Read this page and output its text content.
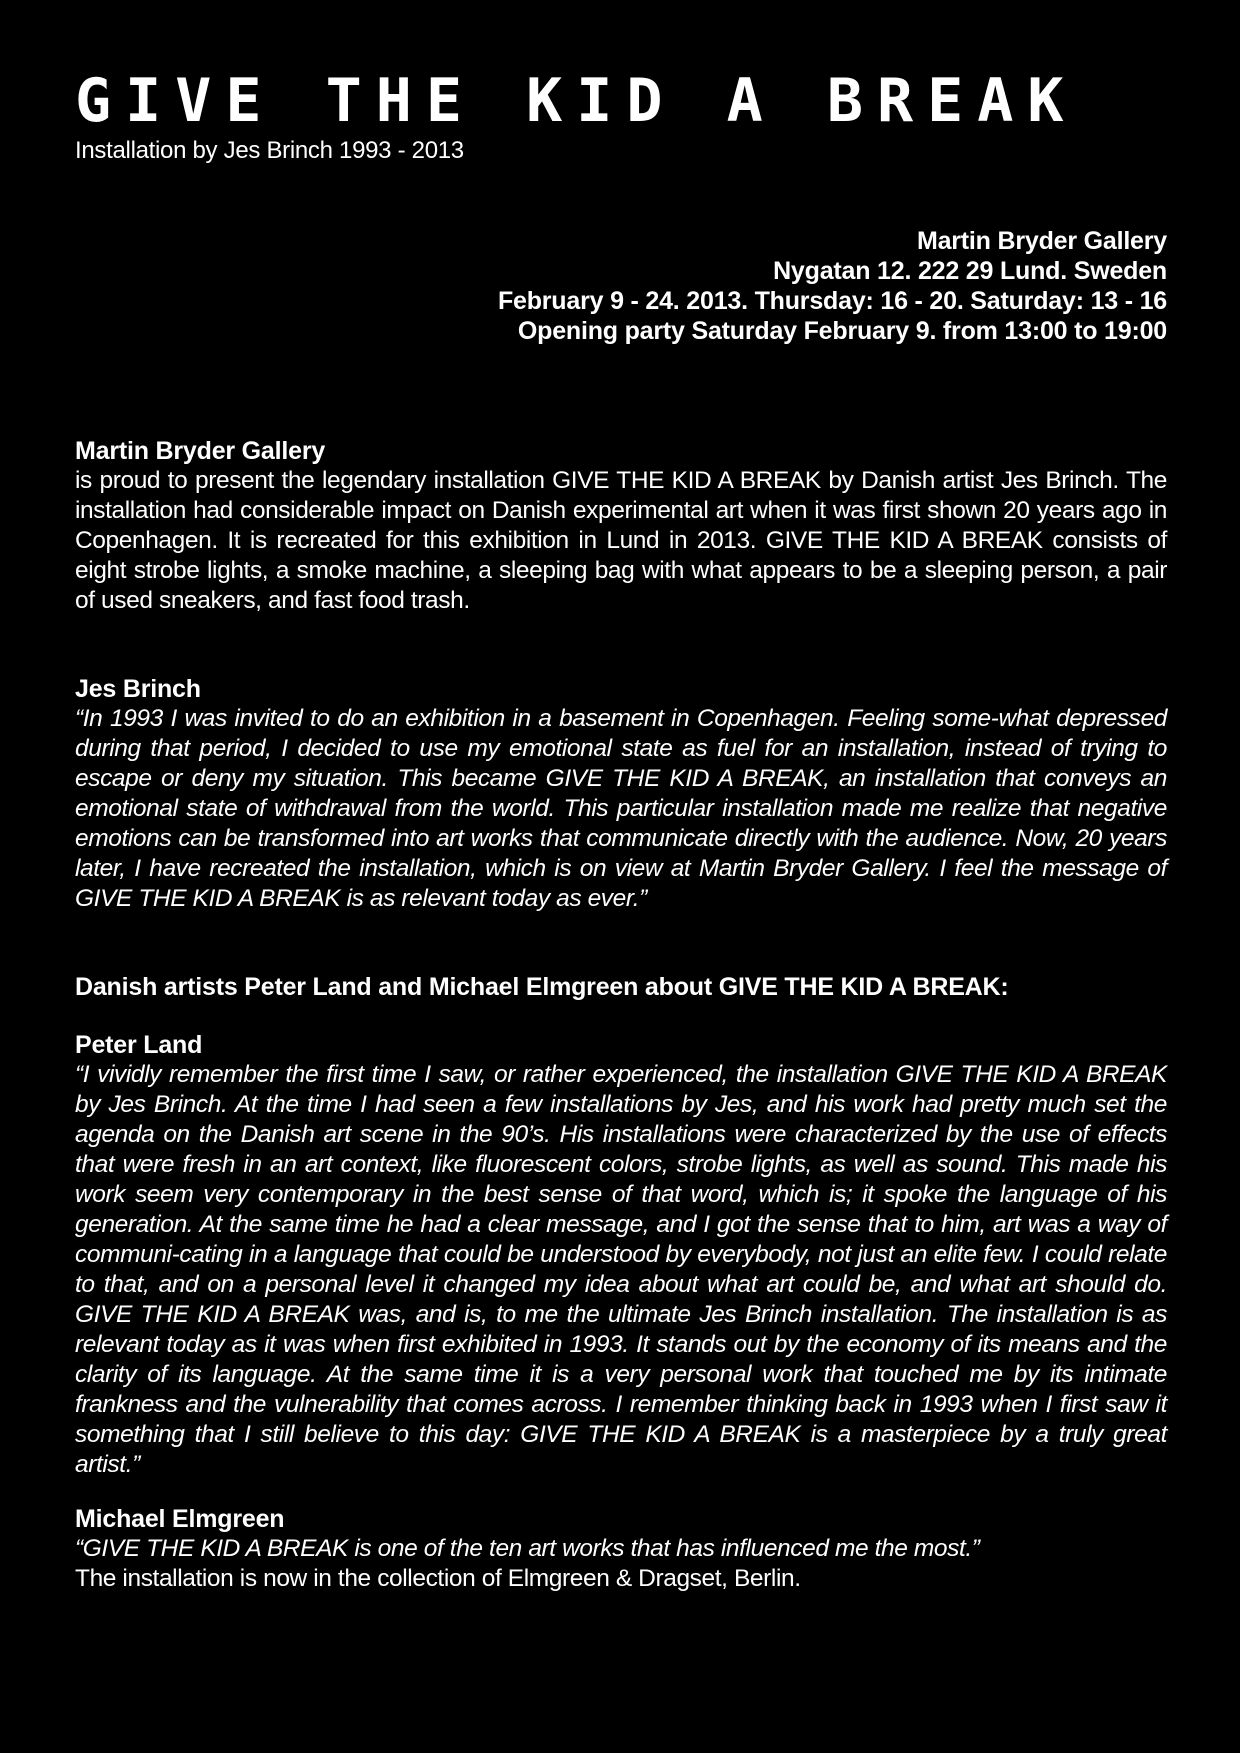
GIVE THE KID A BREAK
Installation by Jes Brinch 1993 - 2013
Martin Bryder Gallery
Nygatan 12. 222 29 Lund. Sweden
February 9 - 24. 2013. Thursday: 16 - 20. Saturday: 13 - 16
Opening party Saturday February 9. from 13:00 to 19:00
Martin Bryder Gallery
is proud to present the legendary installation GIVE THE KID A BREAK by Danish artist Jes Brinch. The installation had considerable impact on Danish experimental art when it was first shown 20 years ago in Copenhagen. It is recreated for this exhibition in Lund in 2013. GIVE THE KID A BREAK consists of eight strobe lights, a smoke machine, a sleeping bag with what appears to be a sleeping person, a pair of used sneakers, and fast food trash.
Jes Brinch
“In 1993 I was invited to do an exhibition in a basement in Copenhagen. Feeling some-what depressed during that period, I decided to use my emotional state as fuel for an installation, instead of trying to escape or deny my situation. This became GIVE THE KID A BREAK, an installation that conveys an emotional state of withdrawal from the world. This particular installation made me realize that negative emotions can be transformed into art works that communicate directly with the audience. Now, 20 years later, I have recreated the installation, which is on view at Martin Bryder Gallery. I feel the message of GIVE THE KID A BREAK is as relevant today as ever.”
Danish artists Peter Land and Michael Elmgreen about GIVE THE KID A BREAK:
Peter Land
“I vividly remember the first time I saw, or rather experienced, the installation GIVE THE KID A BREAK by Jes Brinch. At the time I had seen a few installations by Jes, and his work had pretty much set the agenda on the Danish art scene in the 90’s. His installations were characterized by the use of effects that were fresh in an art context, like fluorescent colors, strobe lights, as well as sound. This made his work seem very contemporary in the best sense of that word, which is; it spoke the language of his generation. At the same time he had a clear message, and I got the sense that to him, art was a way of communi-cating in a language that could be understood by everybody, not just an elite few. I could relate to that, and on a personal level it changed my idea about what art could be, and what art should do. GIVE THE KID A BREAK was, and is, to me the ultimate Jes Brinch installation. The installation is as relevant today as it was when first exhibited in 1993. It stands out by the economy of its means and the clarity of its language. At the same time it is a very personal work that touched me by its intimate frankness and the vulnerability that comes across. I remember thinking back in 1993 when I first saw it something that I still believe to this day: GIVE THE KID A BREAK is a masterpiece by a truly great artist.”
Michael Elmgreen
“GIVE THE KID A BREAK is one of the ten art works that has influenced me the most.”
The installation is now in the collection of Elmgreen & Dragset, Berlin.
